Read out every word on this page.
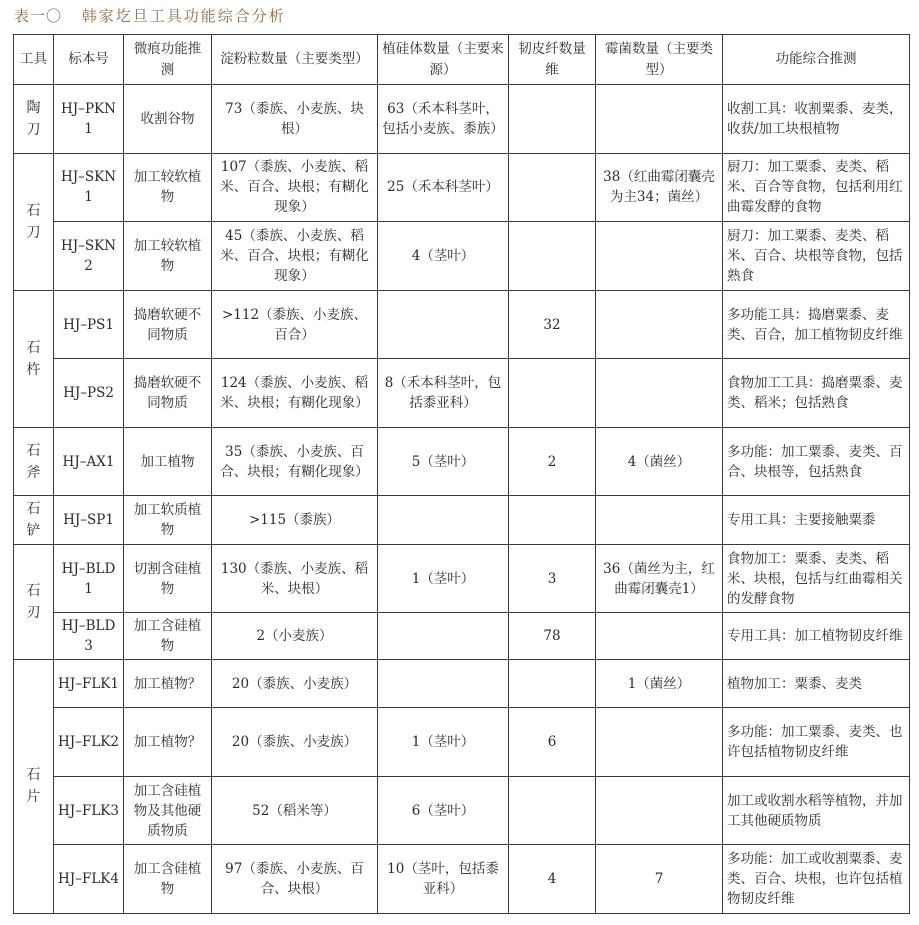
表一〇 韩家圪旦工具功能综合分析
工具	标本号	微痕功能推测	淀粉粒数量（主要类型）	植硅体数量（主要来源）	韧皮纤数量维	霉菌数量（主要类型）	功能综合推测
陶刀	HJ–PKN1	收割谷物	73（黍族、小麦族、块根）	63（禾本科茎叶，包括小麦族、黍族）			收割工具：收割粟黍、麦类，收获/加工块根植物
石刀	HJ–SKN1	加工较软植物	107（黍族、小麦族、稻米、百合、块根；有糊化现象）	25（禾本科茎叶）		38（红曲霉闭囊壳为主34；菌丝）	厨刀：加工粟黍、麦类、稻米、百合等食物，包括利用红曲霉发酵的食物
	HJ–SKN2	加工较软植物	45（黍族、小麦族、稻米、百合、块根；有糊化现象）	4（茎叶）			厨刀：加工粟黍、麦类、稻米、百合、块根等食物，包括熟食
石杵	HJ–PS1	捣磨软硬不同物质	>112（黍族、小麦族、百合）		32		多功能工具：捣磨粟黍、麦类、百合，加工植物韧皮纤维
	HJ–PS2	捣磨软硬不同物质	124（黍族、小麦族、稻米、块根；有糊化现象）	8（禾本科茎叶，包括黍亚科）			食物加工工具：捣磨粟黍、麦类、稻米；包括熟食
石斧	HJ–AX1	加工植物	35（黍族、小麦族、百合、块根；有糊化现象）	5（茎叶）	2	4（菌丝）	多功能：加工粟黍、麦类、百合、块根等，包括熟食
石铲	HJ–SP1	加工软质植物	>115（黍族）				专用工具：主要接触粟黍
石刃	HJ–BLD1	切割含硅植物	130（黍族、小麦族、稻米、块根）	1（茎叶）	3	36（菌丝为主，红曲霉闭囊壳1）	食物加工：粟黍、麦类、稻米、块根，包括与红曲霉相关的发酵食物
	HJ–BLD3	加工含硅植物	2（小麦族）		78		专用工具：加工植物韧皮纤维
石片	HJ–FLK1	加工植物？	20（黍族、小麦族）			1（菌丝）	植物加工：粟黍、麦类
	HJ–FLK2	加工植物？	20（黍族、小麦族）	1（茎叶）	6		多功能：加工粟黍、麦类、也许包括植物韧皮纤维
	HJ–FLK3	加工含硅植物及其他硬质物质	52（稻米等）	6（茎叶）			加工或收割水稻等植物，并加工其他硬质物质
	HJ–FLK4	加工含硅植物	97（黍族、小麦族、百合、块根）	10（茎叶，包括黍亚科）	4	7	多功能：加工或收割粟黍、麦类、百合、块根，也许包括植物韧皮纤维
